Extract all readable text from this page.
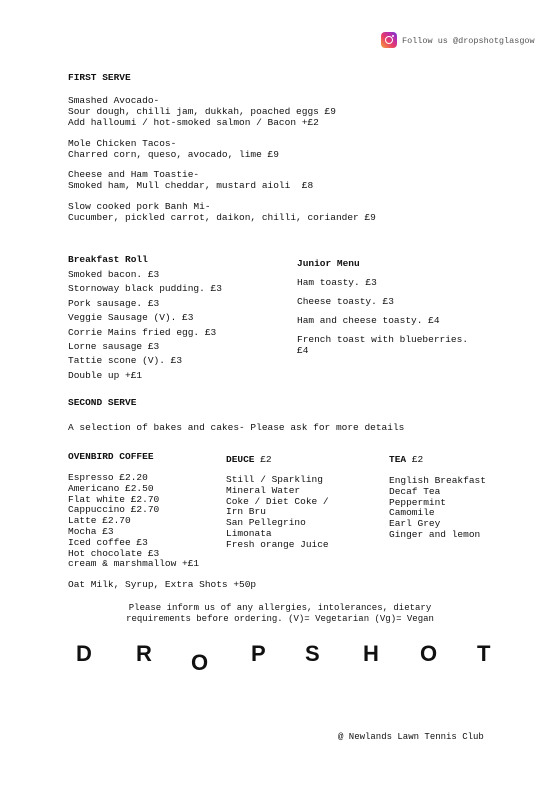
Follow us @dropshotglasgow
FIRST SERVE
Smashed Avocado-
Sour dough, chilli jam, dukkah, poached eggs £9
Add halloumi / hot-smoked salmon / Bacon +£2
Mole Chicken Tacos-
Charred corn, queso, avocado, lime £9
Cheese and Ham Toastie-
Smoked ham, Mull cheddar, mustard aioli  £8
Slow cooked pork Banh Mi-
Cucumber, pickled carrot, daikon, chilli, coriander £9
Breakfast Roll
Smoked bacon. £3
Stornoway black pudding. £3
Pork sausage. £3
Veggie Sausage (V). £3
Corrie Mains fried egg. £3
Lorne sausage £3
Tattie scone (V). £3
Double up +£1
Junior Menu
Ham toasty. £3
Cheese toasty. £3
Ham and cheese toasty. £4
French toast with blueberries.
£4
SECOND SERVE
A selection of bakes and cakes- Please ask for more details
OVENBIRD COFFEE
Espresso £2.20
Americano £2.50
Flat white £2.70
Cappuccino £2.70
Latte £2.70
Mocha £3
Iced coffee £3
Hot chocolate £3
cream & marshmallow +£1
Oat Milk, Syrup, Extra Shots +50p
DEUCE £2
Still / Sparkling
Mineral Water
Coke / Diet Coke /
Irn Bru
San Pellegrino
Limonata
Fresh orange Juice
TEA £2
English Breakfast
Decaf Tea
Peppermint
Camomile
Earl Grey
Ginger and lemon
Please inform us of any allergies, intolerances, dietary
requirements before ordering. (V)= Vegetarian (Vg)= Vegan
D R O P S H O T
@ Newlands Lawn Tennis Club
